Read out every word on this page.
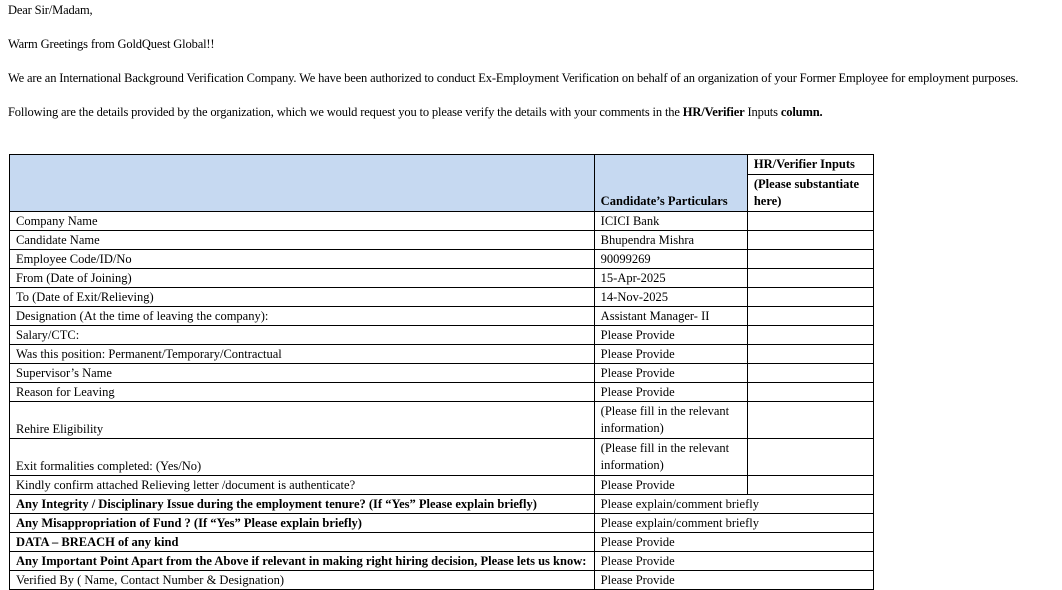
Dear Sir/Madam,

Warm Greetings from GoldQuest Global!!

We are an International Background Verification Company. We have been authorized to conduct Ex-Employment Verification on behalf of an organization of your Former Employee for employment purposes.

Following are the details provided by the organization, which we would request you to please verify the details with your comments in the HR/Verifier Inputs column.

	Candidate’s Particulars	HR/Verifier Inputs
		(Please substantiate here)
Company Name	ICICI Bank	
Candidate Name	Bhupendra Mishra	
Employee Code/ID/No	90099269	
From (Date of Joining)	15-Apr-2025	
To (Date of Exit/Relieving)	14-Nov-2025	
Designation (At the time of leaving the company):	Assistant Manager- II	
Salary/CTC:	Please Provide	
Was this position: Permanent/Temporary/Contractual	Please Provide	
Supervisor’s Name	Please Provide	
Reason for Leaving	Please Provide	
Rehire Eligibility	(Please fill in the relevant information)	
Exit formalities completed: (Yes/No)	(Please fill in the relevant information)	
Kindly confirm attached Relieving letter /document is authenticate?	Please Provide	
Any Integrity / Disciplinary Issue during the employment tenure? (If “Yes” Please explain briefly)	Please explain/comment briefly	
Any Misappropriation of Fund ? (If “Yes” Please explain briefly)	Please explain/comment briefly	
DATA – BREACH of any kind	Please Provide	
Any Important Point Apart from the Above if relevant in making right hiring decision, Please lets us know:	Please Provide	
Verified By ( Name, Contact Number & Designation)	Please Provide	
